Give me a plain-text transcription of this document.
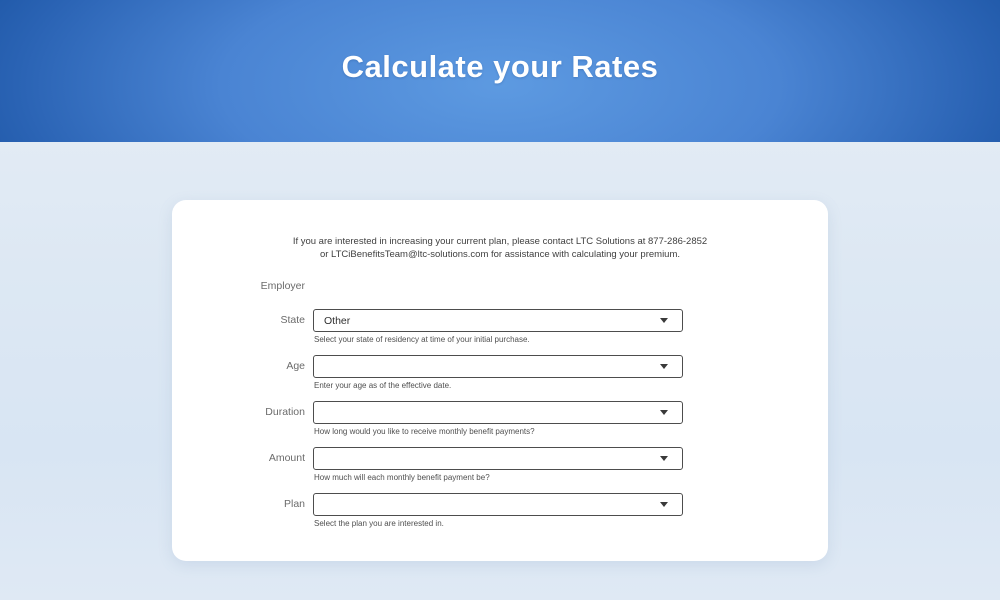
Calculate your Rates
If you are interested in increasing your current plan, please contact LTC Solutions at 877-286-2852
or LTCiBenefitsTeam@ltc-solutions.com for assistance with calculating your premium.
Employer
State Other
Select your state of residency at time of your initial purchase.
Age
Enter your age as of the effective date.
Duration
How long would you like to receive monthly benefit payments?
Amount
How much will each monthly benefit payment be?
Plan
Select the plan you are interested in.
